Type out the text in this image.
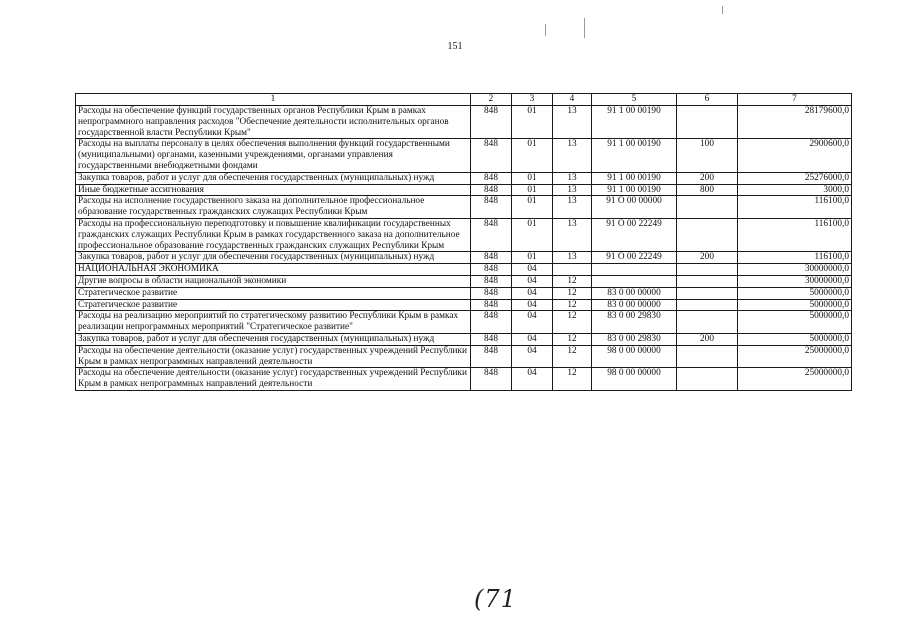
151
1	2	3	4	5	6	7
Расходы на обеспечение функций государственных органов Республики Крым в рамках непрограммного направления расходов "Обеспечение деятельности исполнительных органов государственной власти Республики Крым"	848	01	13	91 1 00 00190		28179600,0
Расходы на выплаты персоналу в целях обеспечения выполнения функций государственными (муниципальными) органами, казенными учреждениями, органами управления государственными внебюджетными фондами	848	01	13	91 1 00 00190	100	2900600,0
Закупка товаров, работ и услуг для обеспечения государственных (муниципальных) нужд	848	01	13	91 1 00 00190	200	25276000,0
Иные бюджетные ассигнования	848	01	13	91 1 00 00190	800	3000,0
Расходы на исполнение государственного заказа на дополнительное профессиональное образование государственных гражданских служащих Республики Крым	848	01	13	91 О 00 00000		116100,0
Расходы на профессиональную переподготовку и повышение квалификации государственных гражданских служащих Республики Крым в рамках государственного заказа на дополнительное профессиональное образование государственных гражданских служащих Республики Крым	848	01	13	91 О 00 22249		116100,0
Закупка товаров, работ и услуг для обеспечения государственных (муниципальных) нужд	848	01	13	91 О 00 22249	200	116100,0
НАЦИОНАЛЬНАЯ ЭКОНОМИКА	848	04				30000000,0
Другие вопросы в области национальной экономики	848	04	12			30000000,0
Стратегическое развитие	848	04	12	83 0 00 00000		5000000,0
Стратегическое развитие	848	04	12	83 0 00 00000		5000000,0
Расходы на реализацию мероприятий по стратегическому развитию Республики Крым в рамках реализации непрограммных мероприятий "Стратегическое развитие"	848	04	12	83 0 00 29830		5000000,0
Закупка товаров, работ и услуг для обеспечения государственных (муниципальных) нужд	848	04	12	83 0 00 29830	200	5000000,0
Расходы на обеспечение деятельности (оказание услуг) государственных учреждений Республики Крым в рамках непрограммных направлений деятельности	848	04	12	98 0 00 00000		25000000,0
Расходы на обеспечение деятельности (оказание услуг) государственных учреждений Республики Крым в рамках непрограммных направлений деятельности	848	04	12	98 0 00 00000		25000000,0
(71
